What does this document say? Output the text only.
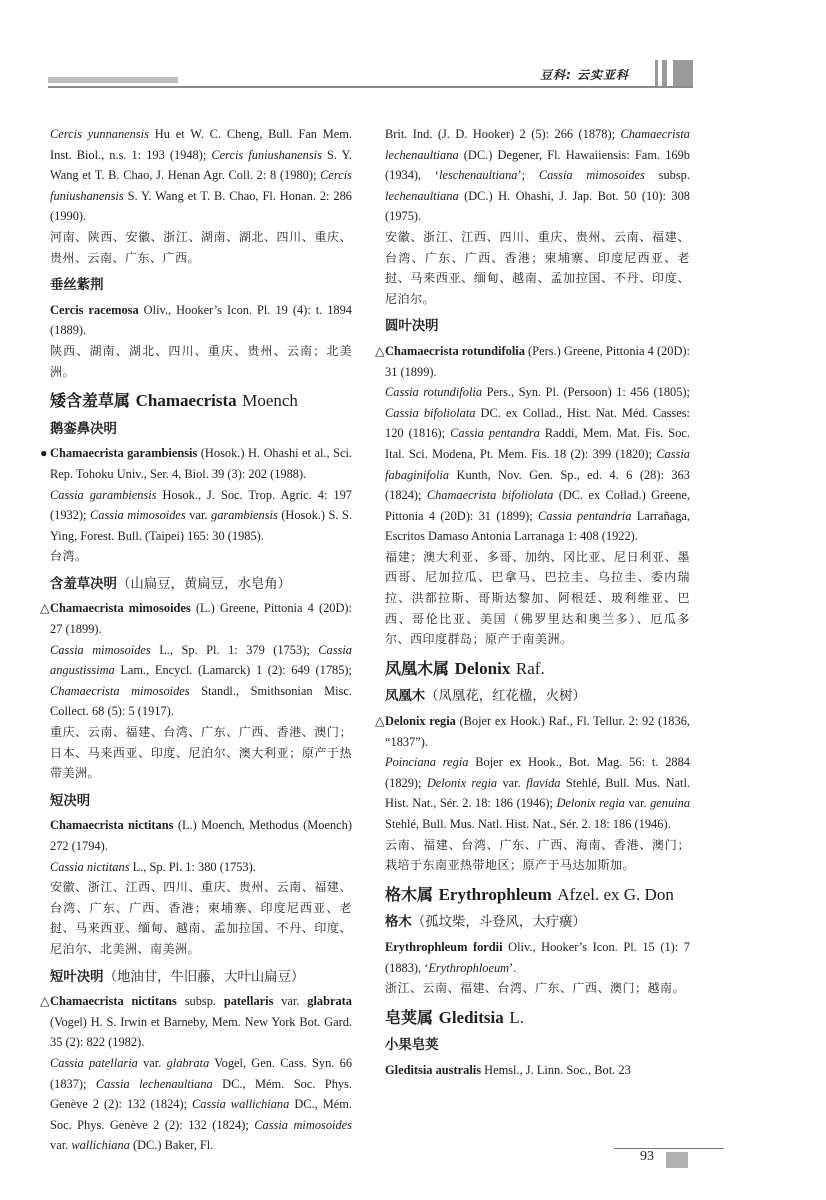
豆科: 云实亚科

Cercis yunnanensis Hu et W. C. Cheng, Bull. Fan Mem. Inst. Biol., n.s. 1: 193 (1948); Cercis funiushanensis S. Y. Wang et T. B. Chao, J. Henan Agr. Coll. 2: 8 (1980); Cercis funiushanensis S. Y. Wang et T. B. Chao, Fl. Honan. 2: 286 (1990).

河南、陕西、安徽、浙江、湖南、湖北、四川、重庆、贵州、云南、广东、广西。

垂丝紫荆

Cercis racemosa Oliv., Hooker’s Icon. Pl. 19 (4): t. 1894 (1889).

陕西、湖南、湖北、四川、重庆、贵州、云南；北美洲。

矮含羞草属 Chamaecrista Moench
鹅銮鼻决明

● Chamaecrista garambiensis (Hosok.) H. Ohashi et al., Sci. Rep. Tohoku Univ., Ser. 4, Biol. 39 (3): 202 (1988).

Cassia garambiensis Hosok., J. Soc. Trop. Agric. 4: 197 (1932); Cassia mimosoides var. garambiensis (Hosok.) S. S. Ying, Forest. Bull. (Taipei) 165: 30 (1985).

台湾。

含羞草决明（山扁豆，黄扁豆，水皂角）

△Chamaecrista mimosoides (L.) Greene, Pittonia 4 (20D): 27 (1899).

Cassia mimosoides L., Sp. Pl. 1: 379 (1753); Cassia angustissima Lam., Encycl. (Lamarck) 1 (2): 649 (1785); Chamaecrista mimosoides Standl., Smithsonian Misc. Collect. 68 (5): 5 (1917).

重庆、云南、福建、台湾、广东、广西、香港、澳门；日本、马来西亚、印度、尼泊尔、澳大利亚；原产于热带美洲。

短决明

Chamaecrista nictitans (L.) Moench, Methodus (Moench) 272 (1794).

Cassia nictitans L., Sp. Pl. 1: 380 (1753).

安徽、浙江、江西、四川、重庆、贵州、云南、福建、台湾、广东、广西、香港；柬埔寨、印度尼西亚、老挝、马来西亚、缅甸、越南、孟加拉国、不丹、印度、尼泊尔、北美洲、南美洲。

短叶决明（地油甘，牛旧藤，大叶山扁豆）

△Chamaecrista nictitans subsp. patellaris var. glabrata (Vogel) H. S. Irwin et Barneby, Mem. New York Bot. Gard. 35 (2): 822 (1982).

Cassia patellaria var. glabrata Vogel, Gen. Cass. Syn. 66 (1837); Cassia lechenaultiana DC., Mém. Soc. Phys. Genève 2 (2): 132 (1824); Cassia wallichiana DC., Mém. Soc. Phys. Genève 2 (2): 132 (1824); Cassia mimosoides var. wallichiana (DC.) Baker, Fl.

Brit. Ind. (J. D. Hooker) 2 (5): 266 (1878); Chamaecrista lechenaultiana (DC.) Degener, Fl. Hawaiiensis: Fam. 169b (1934), ‘leschenaultiana’; Cassia mimosoides subsp. lechenaultiana (DC.) H. Ohashi, J. Jap. Bot. 50 (10): 308 (1975).

安徽、浙江、江西、四川、重庆、贵州、云南、福建、台湾、广东、广西、香港；柬埔寨、印度尼西亚、老挝、马来西亚、缅甸、越南、孟加拉国、不丹、印度、尼泊尔。

圆叶决明

△Chamaecrista rotundifolia (Pers.) Greene, Pittonia 4 (20D): 31 (1899).

Cassia rotundifolia Pers., Syn. Pl. (Persoon) 1: 456 (1805); Cassia bifoliolata DC. ex Collad., Hist. Nat. Méd. Casses: 120 (1816); Cassia pentandra Raddi, Mem. Mat. Fis. Soc. Ital. Sci. Modena, Pt. Mem. Fis. 18 (2): 399 (1820); Cassia fabaginifolia Kunth, Nov. Gen. Sp., ed. 4. 6 (28): 363 (1824); Chamaecrista bifoliolata (DC. ex Collad.) Greene, Pittonia 4 (20D): 31 (1899); Cassia pentandria Larrañaga, Escritos Damaso Antonia Larranaga 1: 408 (1922).

福建；澳大利亚、多哥、加纳、冈比亚、尼日利亚、墨西哥、尼加拉瓜、巴拿马、巴拉圭、乌拉圭、委内瑞拉、洪都拉斯、哥斯达黎加、阿根廷、玻利维亚、巴西、哥伦比亚、美国（佛罗里达和奥兰多）、厄瓜多尔、西印度群岛；原产于南美洲。

凤凰木属 Delonix Raf.
凤凰木（凤凰花，红花楹，火树）

△Delonix regia (Bojer ex Hook.) Raf., Fl. Tellur. 2: 92 (1836, “1837”).

Poinciana regia Bojer ex Hook., Bot. Mag. 56: t. 2884 (1829); Delonix regia var. flavida Stehlé, Bull. Mus. Natl. Hist. Nat., Sér. 2. 18: 186 (1946); Delonix regia var. genuina Stehlé, Bull. Mus. Natl. Hist. Nat., Sér. 2. 18: 186 (1946).

云南、福建、台湾、广东、广西、海南、香港、澳门；栽培于东南亚热带地区；原产于马达加斯加。

格木属 Erythrophleum Afzel. ex G. Don
格木（孤坟柴，斗登风，大疔癀）

Erythrophleum fordii Oliv., Hooker’s Icon. Pl. 15 (1): 7 (1883), ‘Erythrophloeum’.

浙江、云南、福建、台湾、广东、广西、澳门；越南。

皂荚属 Gleditsia L.
小果皂荚

Gleditsia australis Hemsl., J. Linn. Soc., Bot. 23

93
